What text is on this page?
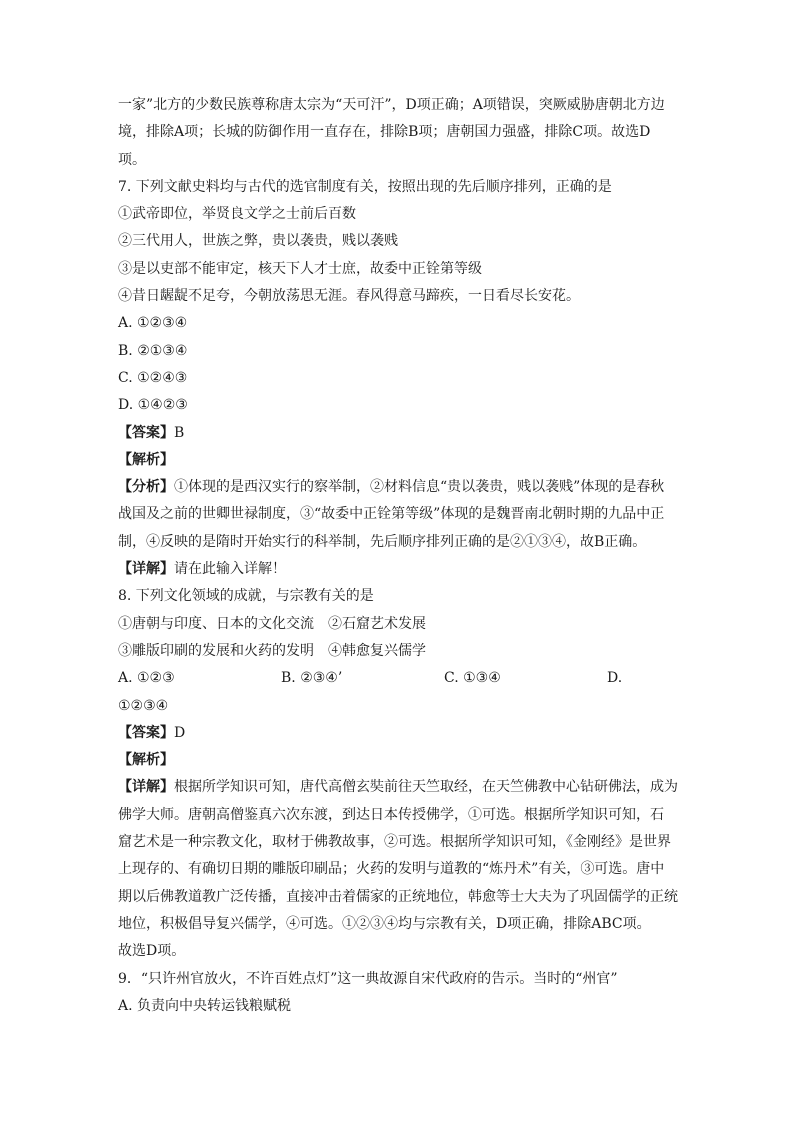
一家”北方的少数民族尊称唐太宗为“天可汗”，D项正确；A项错误，突厥威胁唐朝北方边
境，排除A项；长城的防御作用一直存在，排除B项；唐朝国力强盛，排除C项。故选D
项。
7. 下列文献史料均与古代的选官制度有关，按照出现的先后顺序排列，正确的是
①武帝即位，举贤良文学之士前后百数
②三代用人，世族之弊，贵以袭贵，贱以袭贱
③是以吏部不能审定，核天下人才士庶，故委中正铨第等级
④昔日龌龊不足夸，今朝放荡思无涯。春风得意马蹄疾，一日看尽长安花。
A. ①②③④
B. ②①③④
C. ①②④③
D. ①④②③
【答案】B
【解析】
【分析】①体现的是西汉实行的察举制，②材料信息“贵以袭贵，贱以袭贱”体现的是春秋
战国及之前的世卿世禄制度，③“故委中正铨第等级”体现的是魏晋南北朝时期的九品中正
制，④反映的是隋时开始实行的科举制，先后顺序排列正确的是②①③④，故B正确。
【详解】请在此输入详解！
8. 下列文化领域的成就，与宗教有关的是
①唐朝与印度、日本的文化交流　②石窟艺术发展
③雕版印刷的发展和火药的发明　④韩愈复兴儒学
A. ①②③	B. ②③④’	C. ①③④	D.
①②③④
【答案】D
【解析】
【详解】根据所学知识可知，唐代高僧玄奘前往天竺取经，在天竺佛教中心钻研佛法，成为
佛学大师。唐朝高僧鉴真六次东渡，到达日本传授佛学，①可选。根据所学知识可知，石
窟艺术是一种宗教文化，取材于佛教故事，②可选。根据所学知识可知，《金刚经》是世界
上现存的、有确切日期的雕版印刷品；火药的发明与道教的“炼丹术”有关，③可选。唐中
期以后佛教道教广泛传播，直接冲击着儒家的正统地位，韩愈等士大夫为了巩固儒学的正统
地位，积极倡导复兴儒学，④可选。①②③④均与宗教有关，D项正确，排除ABC项。
故选D项。
9．“只许州官放火，不许百姓点灯”这一典故源自宋代政府的告示。当时的“州官”
A. 负责向中央转运钱粮赋税
